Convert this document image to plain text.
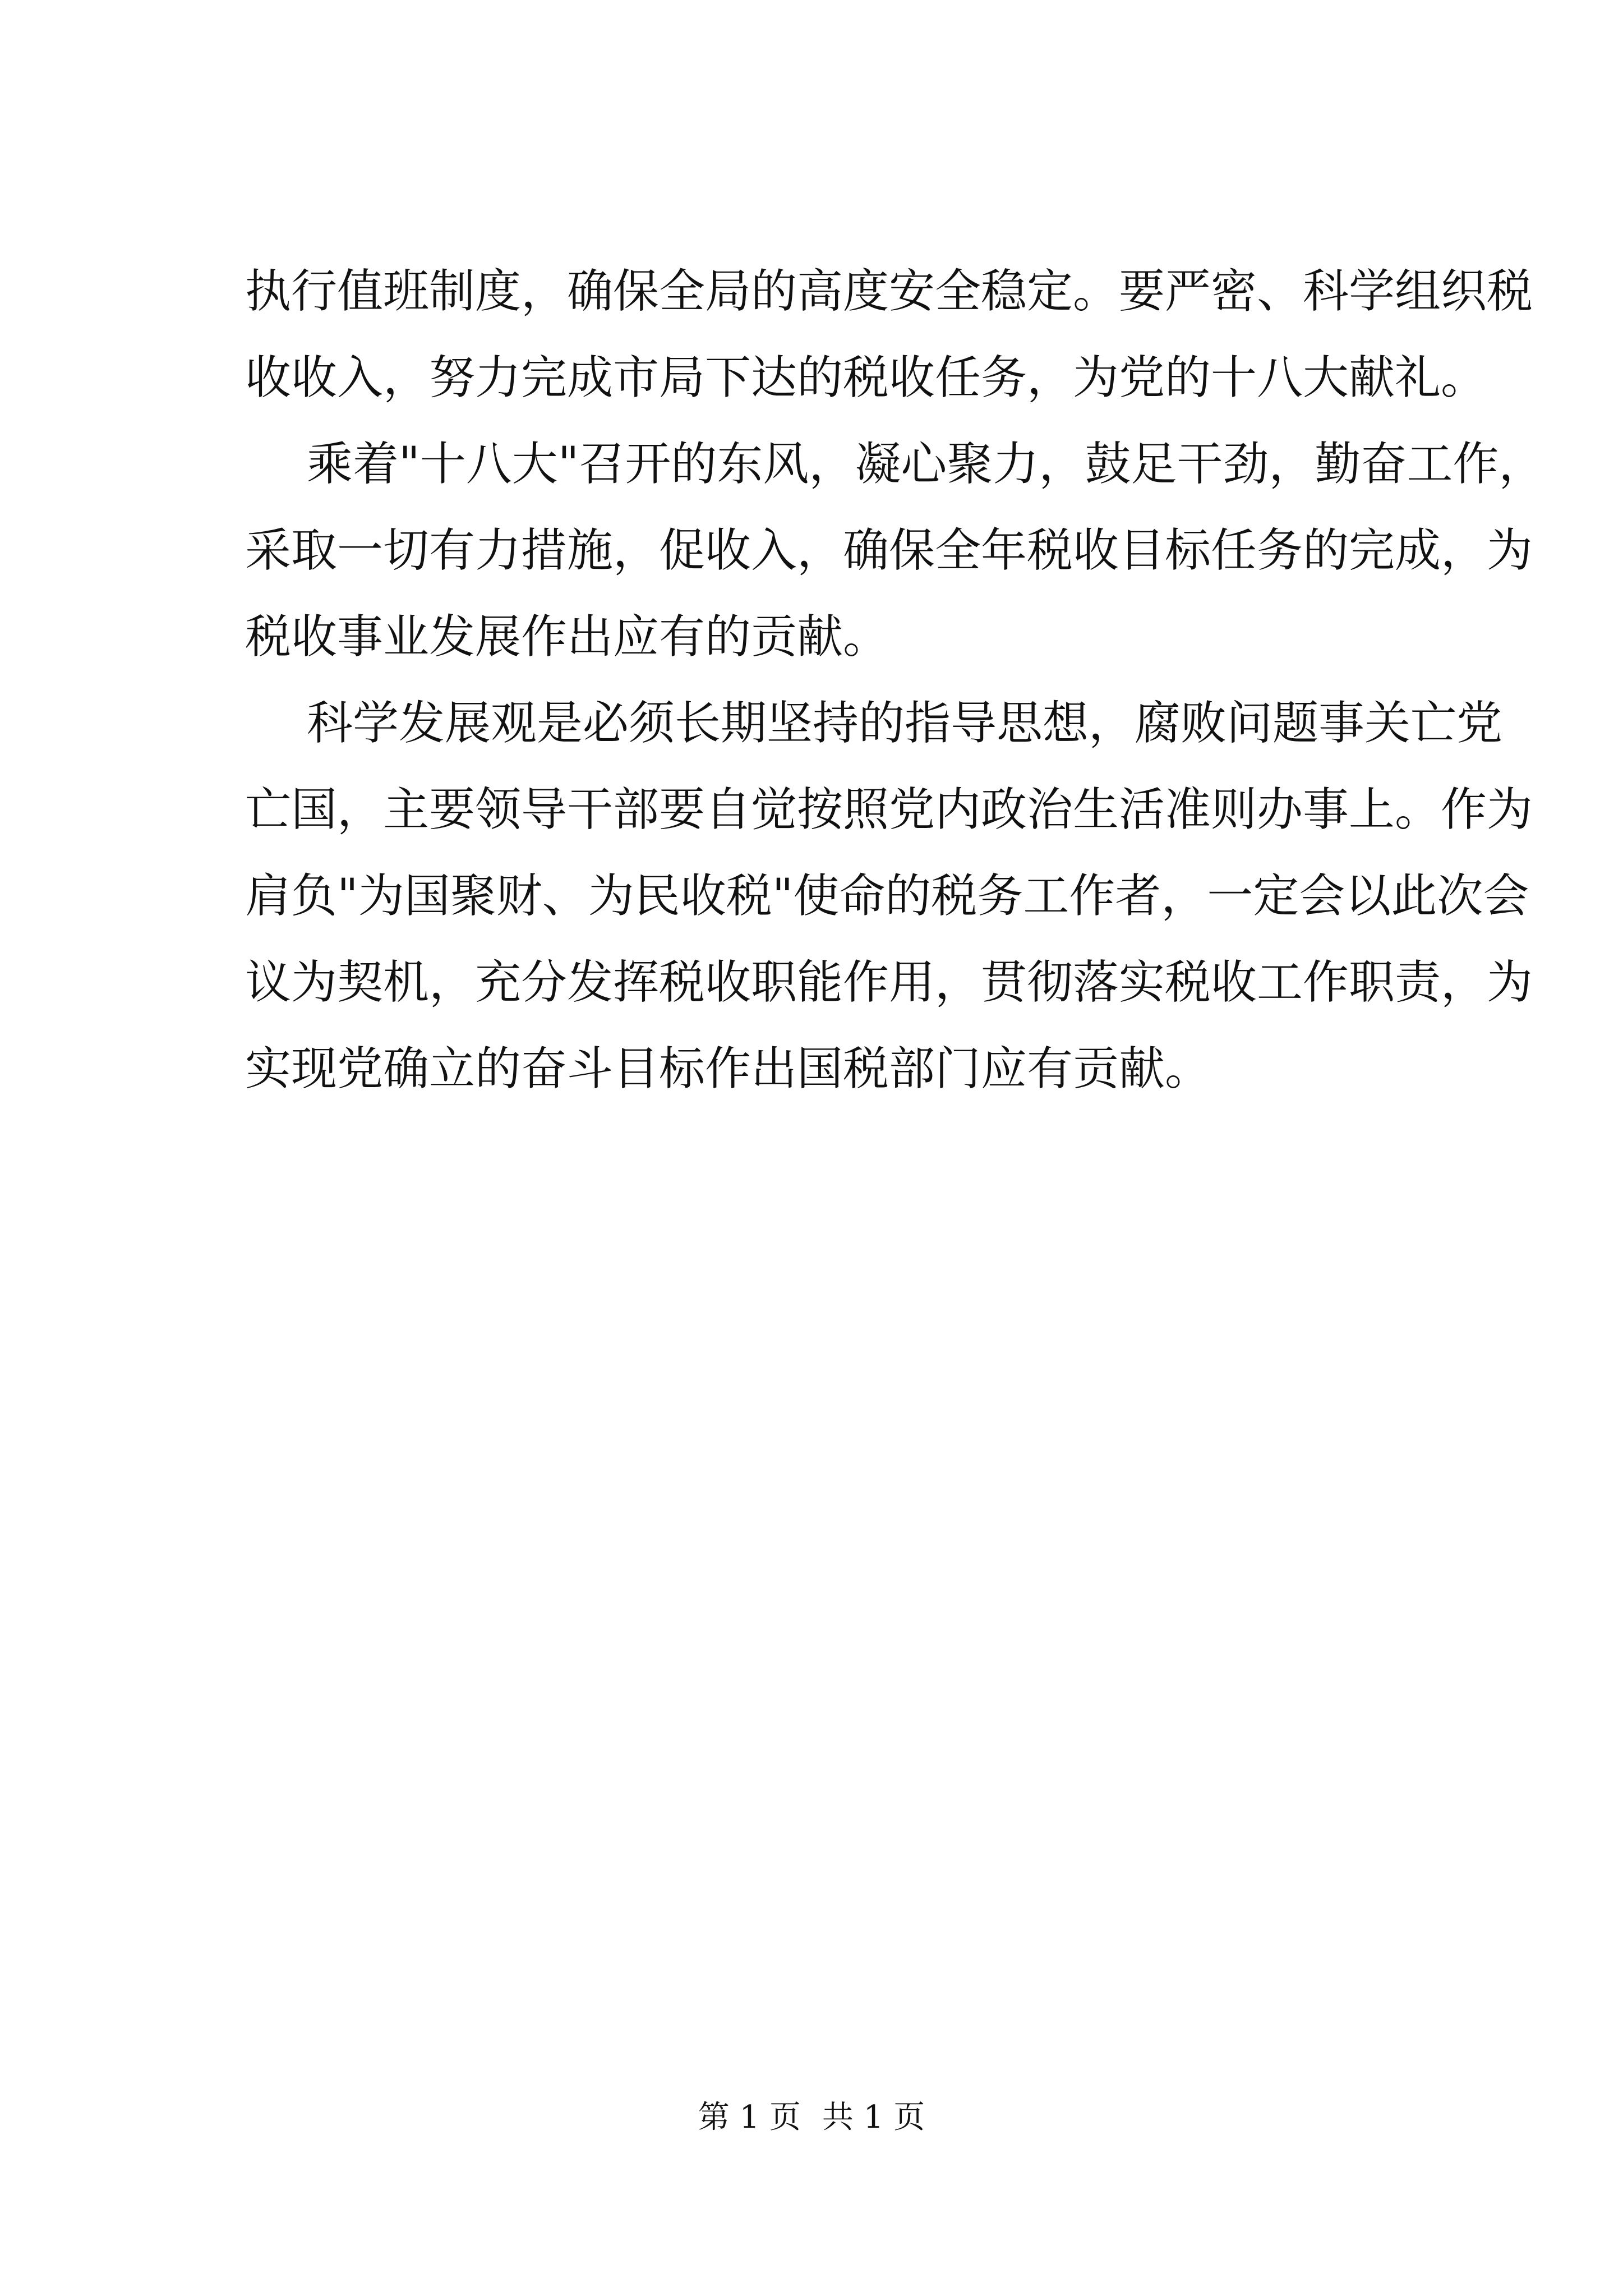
执行值班制度，确保全局的高度安全稳定。要严密、科学组织税
收收入，努力完成市局下达的税收任务，为党的十八大献礼。
乘着"十八大"召开的东风，凝心聚力，鼓足干劲，勤奋工作，
采取一切有力措施，促收入，确保全年税收目标任务的完成，为
税收事业发展作出应有的贡献。
科学发展观是必须长期坚持的指导思想，腐败问题事关亡党
亡国，主要领导干部要自觉按照党内政治生活准则办事上。作为
肩负"为国聚财、为民收税"使命的税务工作者，一定会以此次会
议为契机，充分发挥税收职能作用，贯彻落实税收工作职责，为
实现党确立的奋斗目标作出国税部门应有贡献。
第 1 页 共 1 页
